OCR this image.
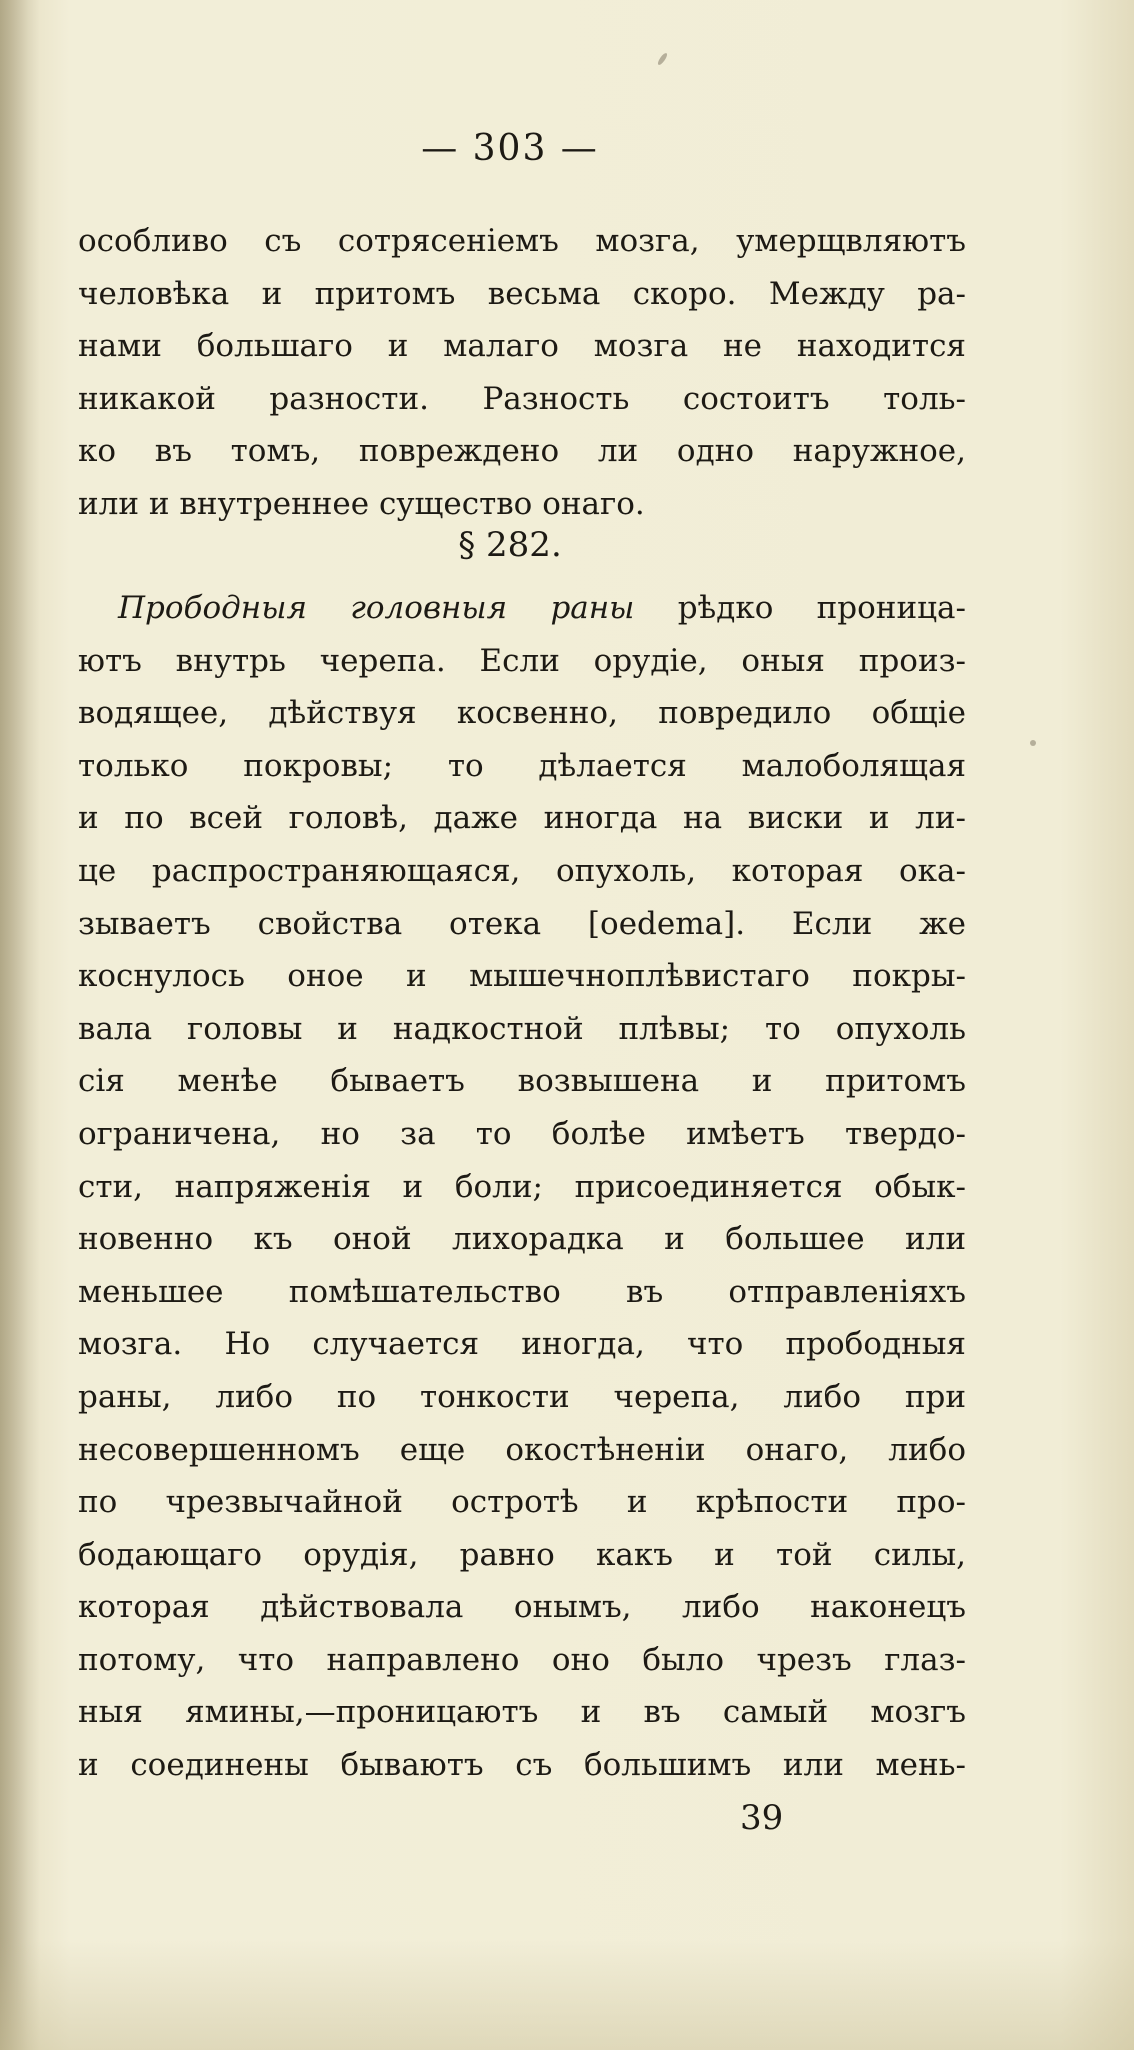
— 303 —
особливо съ сотрясеніемъ мозга, умерщвляютъ
человѣка и притомъ весьма скоро. Между ра-
нами большаго и малаго мозга не находится
никакой разности. Разность состоитъ толь-
ко въ томъ, повреждено ли одно наружное,
или и внутреннее существо онаго.
§ 282.
Прободныя головныя раны рѣдко проница-
ютъ внутрь черепа. Если орудіе, оныя произ-
водящее, дѣйствуя косвенно, повредило общіе
только покровы; то дѣлается малоболящая
и по всей головѣ, даже иногда на виски и ли-
це распространяющаяся, опухоль, которая ока-
зываетъ свойства отека [oedema]. Если же
коснулось оное и мышечноплѣвистаго покры-
вала головы и надкостной плѣвы; то опухоль
сія менѣе бываетъ возвышена и притомъ
ограничена, но за то болѣе имѣетъ твердо-
сти, напряженія и боли; присоединяется обык-
новенно къ оной лихорадка и большее или
меньшее помѣшательство въ отправленіяхъ
мозга. Но случается иногда, что прободныя
раны, либо по тонкости черепа, либо при
несовершенномъ еще окостѣненіи онаго, либо
по чрезвычайной остротѣ и крѣпости про-
бодающаго орудія, равно какъ и той силы,
которая дѣйствовала онымъ, либо наконецъ
потому, что направлено оно было чрезъ глаз-
ныя ямины,—проницаютъ и въ самый мозгъ
и соединены бываютъ съ большимъ или мень-
39
